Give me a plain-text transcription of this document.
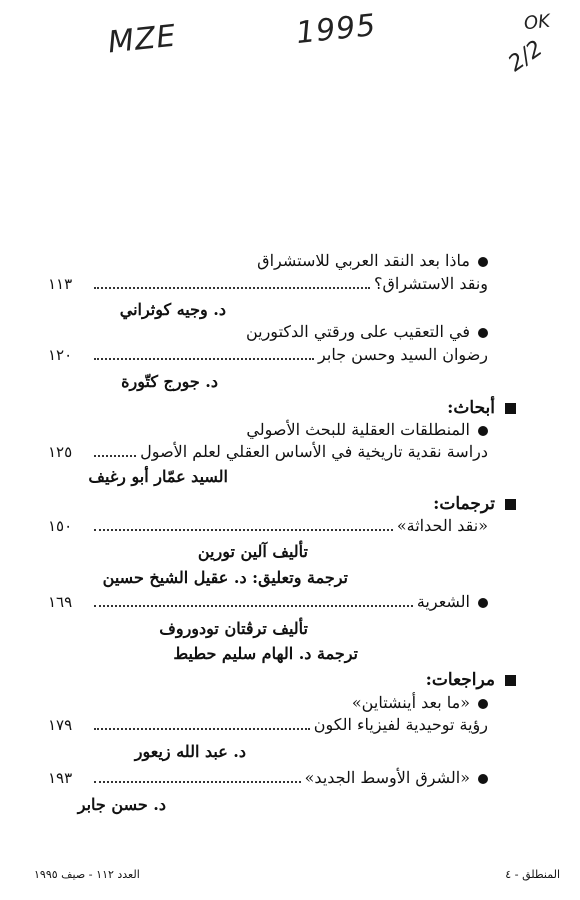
MZE	1995	OK
2/2
ماذا بعد النقد العربي للاستشراق
ونقد الاستشراق؟
١١٣
د. وجيه كوثراني
في التعقيب على ورقتي الدكتورين
رضوان السيد وحسن جابر
١٢٠
د. جورج كتّورة
أبحاث:
المنطلقات العقلية للبحث الأصولي
دراسة نقدية تاريخية في الأساس العقلي لعلم الأصول
١٢٥
السيد عمّار أبو رغيف
ترجمات:
«نقد الحداثة»
١٥٠
تأليف آلين تورين
ترجمة وتعليق: د. عقيل الشيخ حسين
الشعرية
١٦٩
تأليف ترڤتان تودوروف
ترجمة د. الهام سليم حطيط
مراجعات:
«ما بعد أينشتاين»
رؤية توحيدية لفيزياء الكون
١٧٩
د. عبد الله زيعور
«الشرق الأوسط الجديد»
١٩٣
د. حسن جابر
المنطلق - ٤
العدد ١١٢ - صيف ١٩٩٥
